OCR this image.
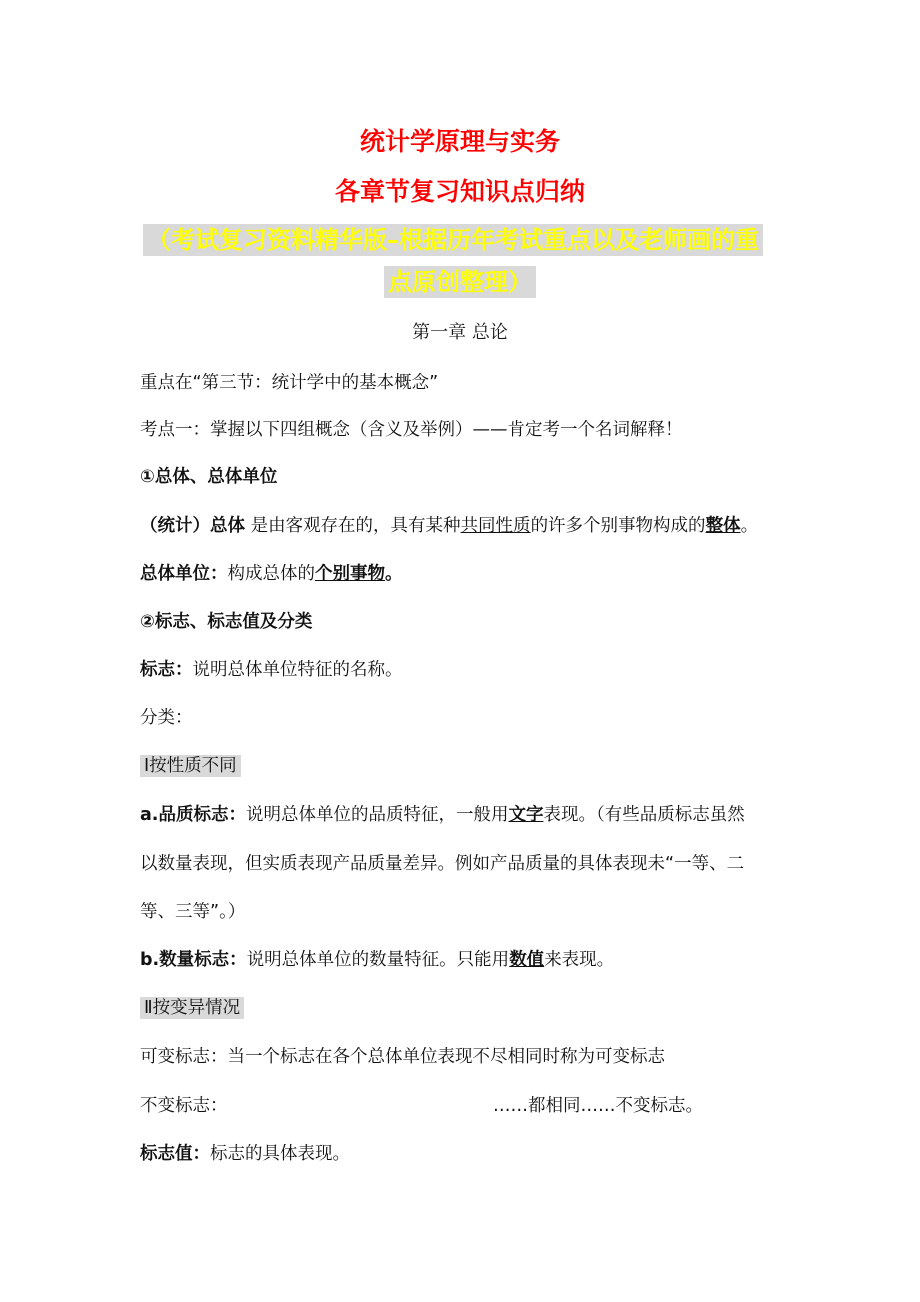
统计学原理与实务
各章节复习知识点归纳
（考试复习资料精华版–根据历年考试重点以及老师画的重
点原创整理）
第一章 总论
重点在“第三节：统计学中的基本概念”
考点一：掌握以下四组概念（含义及举例）——肯定考一个名词解释！
①总体、总体单位
（统计）总体 是由客观存在的，具有某种共同性质的许多个别事物构成的整体。
总体单位：构成总体的个别事物。
②标志、标志值及分类
标志：说明总体单位特征的名称。
分类：
Ⅰ按性质不同
a.品质标志：说明总体单位的品质特征，一般用文字表现。（有些品质标志虽然
以数量表现，但实质表现产品质量差异。例如产品质量的具体表现未“一等、二
等、三等”。）
b.数量标志：说明总体单位的数量特征。只能用数值来表现。
Ⅱ按变异情况
可变标志：当一个标志在各个总体单位表现不尽相同时称为可变标志
不变标志：	……都相同……不变标志。
标志值：标志的具体表现。
